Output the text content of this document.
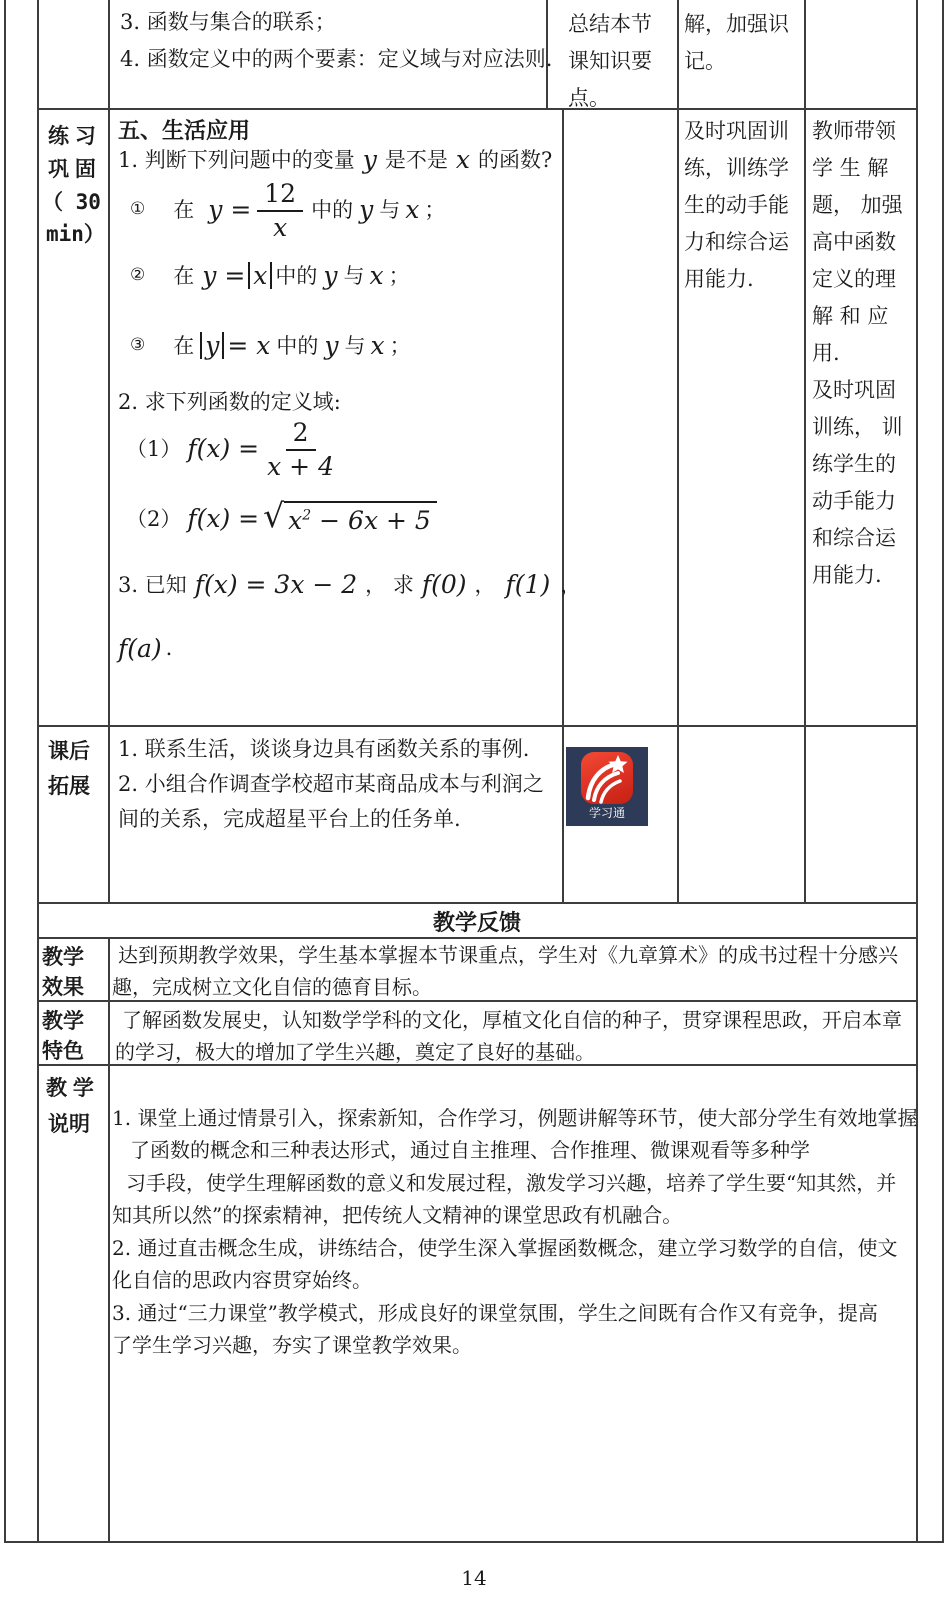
3. 函数与集合的联系；
4. 函数定义中的两个要素：定义域与对应法则.
总结本节
课知识要
点。
解，加强识
记。
练 习
巩 固
（ 30
min）
五、生活应用
1. 判断下列问题中的变量 y 是不是 x 的函数?
① 在 $y = \frac{12}{x}$ 中的 y 与 x ；
② 在 y = x 中的 y 与 x ；
③ 在 y = x 中的 y 与 x ；
2. 求下列函数的定义域:
（1） $f(x) = \frac{2}{x + 4}$
（2） f(x) = √ $x^2 - 6x + 5$
3. 已知 f(x) = 3x − 2 ， 求 f(0) ， f(1) ，
f(a) .
及时巩固训
练，训练学
生的动手能
力和综合运
用能力.
教师带领
学 生 解
题， 加强
高中函数
定义的理
解 和 应
用.
及时巩固
训练， 训
练学生的
动手能力
和综合运
用能力.
课后
拓展
1. 联系生活，谈谈身边具有函数关系的事例.
2. 小组合作调查学校超市某商品成本与利润之
间的关系，完成超星平台上的任务单.	学习通
教学反馈
教学
效果
达到预期教学效果，学生基本掌握本节课重点，学生对《九章算术》的成书过程十分感兴
趣，完成树立文化自信的德育目标。
教学
特色
了解函数发展史，认知数学学科的文化，厚植文化自信的种子，贯穿课程思政，开启本章
的学习，极大的增加了学生兴趣，奠定了良好的基础。
教 学
说明 1. 课堂上通过情景引入，探索新知，合作学习，例题讲解等环节，使大部分学生有效地掌握
了函数的概念和三种表达形式，通过自主推理、合作推理、微课观看等多种学
习手段，使学生理解函数的意义和发展过程，激发学习兴趣，培养了学生要“知其然，并
知其所以然”的探索精神，把传统人文精神的课堂思政有机融合。
2. 通过直击概念生成，讲练结合，使学生深入掌握函数概念，建立学习数学的自信，使文
化自信的思政内容贯穿始终。
3. 通过“三力课堂”教学模式，形成良好的课堂氛围，学生之间既有合作又有竞争，提高
了学生学习兴趣，夯实了课堂教学效果。
14
